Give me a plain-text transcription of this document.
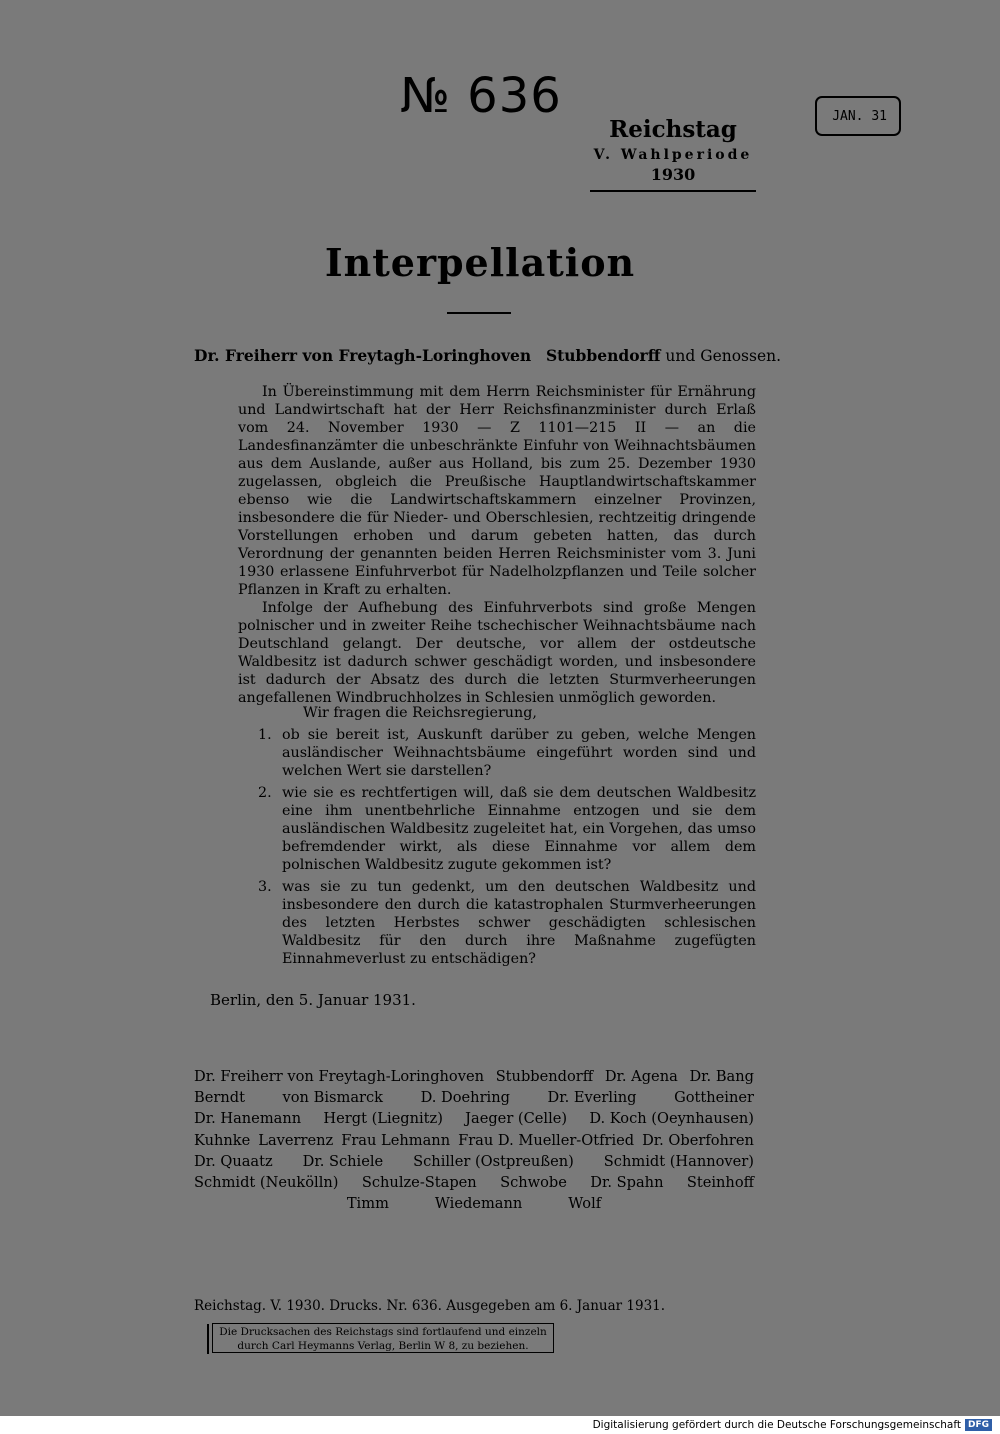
№ 636	JAN. 31
Reichstag
V. Wahlperiode
1930
Interpellation
Dr. Freiherr von Freytagh-Loringhoven Stubbendorff und Genossen.

In Übereinstimmung mit dem Herrn Reichsminister für Ernährung und Landwirtschaft hat der Herr Reichsfinanzminister durch Erlaß vom 24. November 1930 — Z 1101—215 II — an die Landesfinanzämter die unbeschränkte Einfuhr von Weihnachtsbäumen aus dem Auslande, außer aus Holland, bis zum 25. Dezember 1930 zugelassen, obgleich die Preußische Hauptlandwirtschaftskammer ebenso wie die Landwirtschaftskammern einzelner Provinzen, insbesondere die für Nieder- und Oberschlesien, rechtzeitig dringende Vorstellungen erhoben und darum gebeten hatten, das durch Verordnung der genannten beiden Herren Reichsminister vom 3. Juni 1930 erlassene Einfuhrverbot für Nadelholzpflanzen und Teile solcher Pflanzen in Kraft zu erhalten.

Infolge der Aufhebung des Einfuhrverbots sind große Mengen polnischer und in zweiter Reihe tschechischer Weihnachtsbäume nach Deutschland gelangt. Der deutsche, vor allem der ostdeutsche Waldbesitz ist dadurch schwer geschädigt worden, und insbesondere ist dadurch der Absatz des durch die letzten Sturmverheerungen angefallenen Windbruchholzes in Schlesien unmöglich geworden.

Wir fragen die Reichsregierung,
1. ob sie bereit ist, Auskunft darüber zu geben, welche Mengen ausländischer Weihnachtsbäume eingeführt worden sind und welchen Wert sie darstellen?
2. wie sie es rechtfertigen will, daß sie dem deutschen Waldbesitz eine ihm unentbehrliche Einnahme entzogen und sie dem ausländischen Waldbesitz zugeleitet hat, ein Vorgehen, das umso befremdender wirkt, als diese Einnahme vor allem dem polnischen Waldbesitz zugute gekommen ist?
3. was sie zu tun gedenkt, um den deutschen Waldbesitz und insbesondere den durch die katastrophalen Sturmverheerungen des letzten Herbstes schwer geschädigten schlesischen Waldbesitz für den durch ihre Maßnahme zugefügten Einnahmeverlust zu entschädigen?
Berlin, den 5. Januar 1931.
Dr. Freiherr von Freytagh-Loringhoven Stubbendorff Dr. Agena Dr. Bang
Berndt	von Bismarck	D. Doehring	Dr. Everling	Gottheiner
Dr. Hanemann Hergt (Liegnitz) Jaeger (Celle) D. Koch (Oeynhausen)
Kuhnke Laverrenz Frau Lehmann Frau D. Mueller-Otfried Dr. Oberfohren
Dr. Quaatz Dr. Schiele Schiller (Ostpreußen) Schmidt (Hannover)
Schmidt (Neukölln) Schulze-Stapen Schwobe Dr. Spahn Steinhoff
Timm	Wiedemann	Wolf
Reichstag. V. 1930. Drucks. Nr. 636. Ausgegeben am 6. Januar 1931.
Die Drucksachen des Reichstags sind fortlaufend und einzeln
durch Carl Heymanns Verlag, Berlin W 8, zu beziehen.
Digitalisierung gefördert durch die Deutsche Forschungsgemeinschaft DFG
